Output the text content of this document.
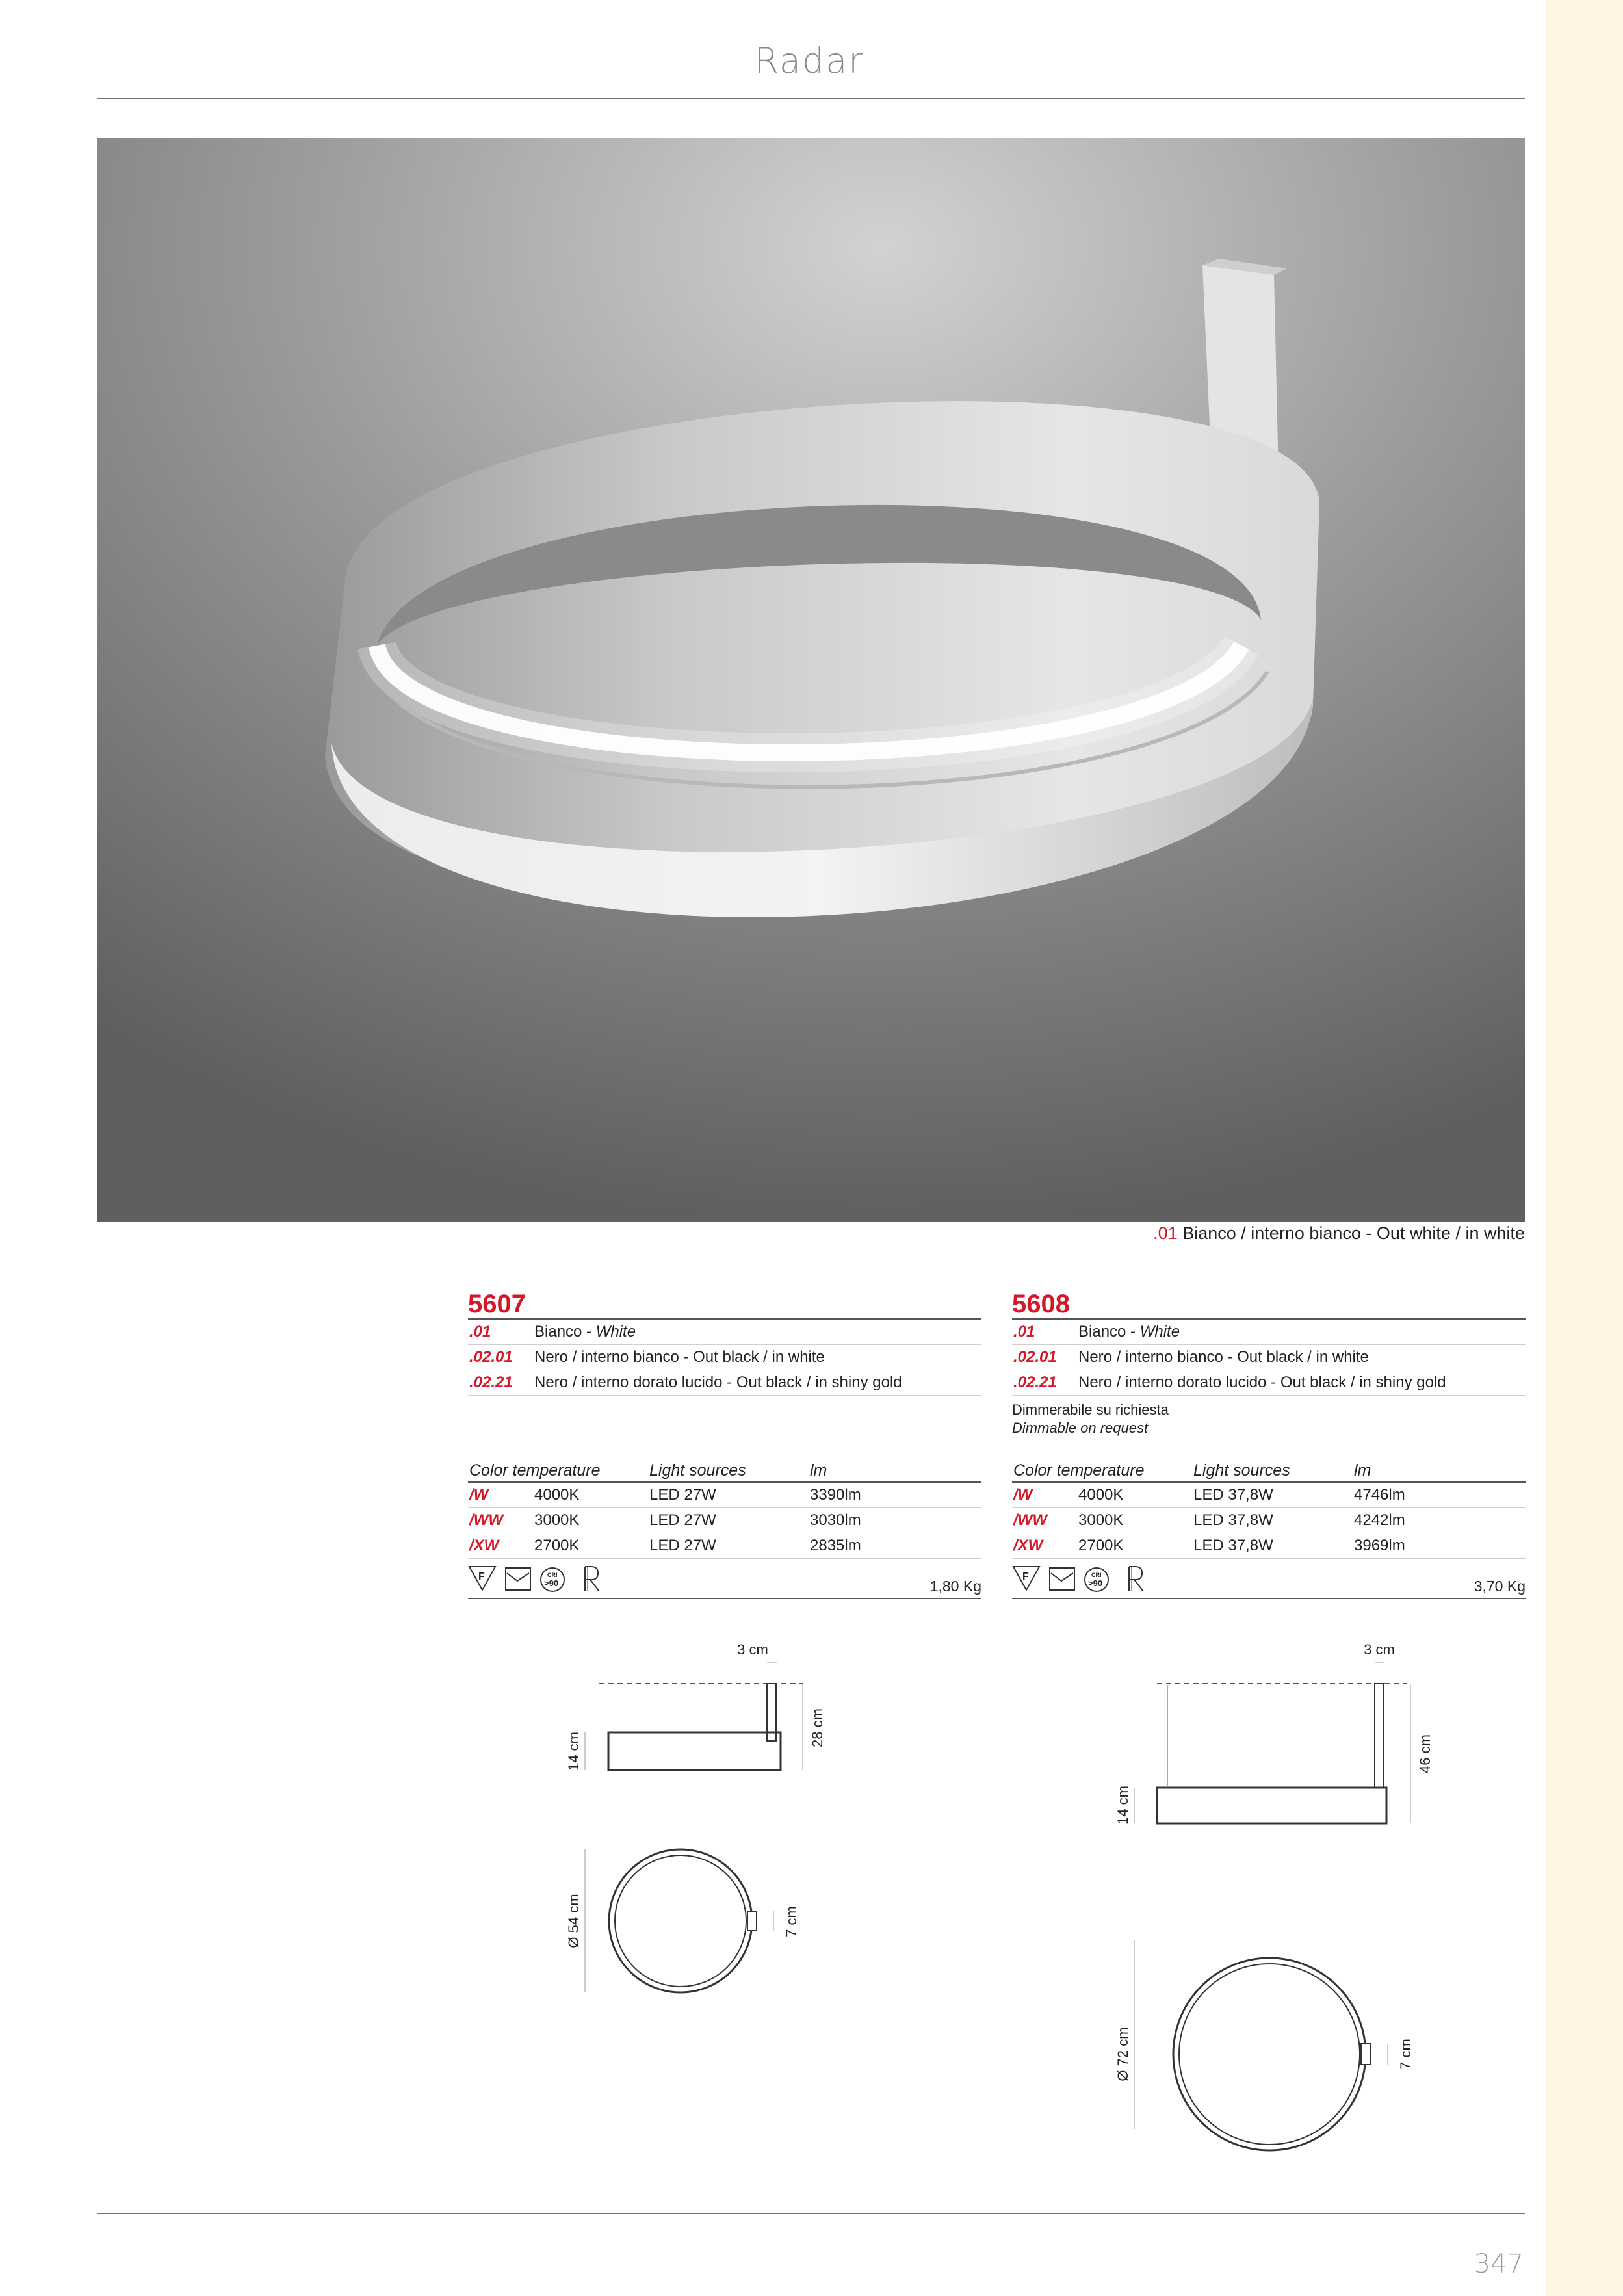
Radar
.01 Bianco / interno bianco - Out white / in white
5607
.01	Bianco - White
.02.01 Nero / interno bianco - Out black / in white
.02.21 Nero / interno dorato lucido - Out black / in shiny gold
Color temperature	Light sources	lm
/W	4000K	LED 27W	3390lm
/WW 3000K	LED 27W	3030lm
/XW 2700K	LED 27W	2835lm
F	CRI
>90	1,80 Kg
5608
.01	Bianco - White
.02.01 Nero / interno bianco - Out black / in white
.02.21 Nero / interno dorato lucido - Out black / in shiny gold
Dimmerabile su richiesta
Dimmable on request
Color temperature	Light sources	lm
/W	4000K	LED 37,8W	4746lm
/WW 3000K	LED 37,8W	4242lm
/XW 2700K	LED 37,8W	3969lm
F	CRI
>90	3,70 Kg
3 cm
28 cm
14 cm
Ø 54 cm	7 cm
3 cm
46 cm
14 cm
Ø 72 cm	7 cm
347
